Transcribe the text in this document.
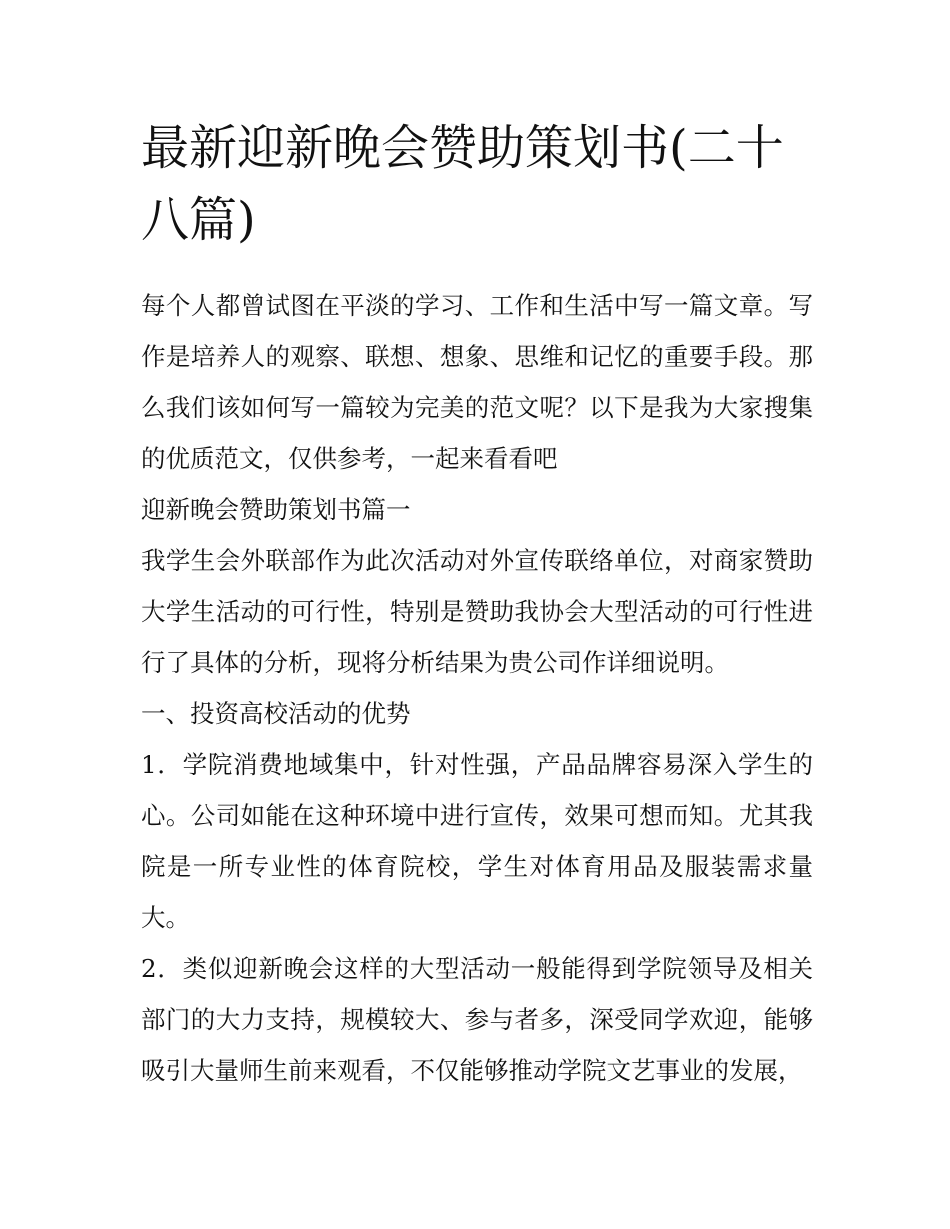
最新迎新晚会赞助策划书(二十八篇)

每个人都曾试图在平淡的学习、工作和生活中写一篇文章。写作是培养人的观察、联想、想象、思维和记忆的重要手段。那么我们该如何写一篇较为完美的范文呢？以下是我为大家搜集的优质范文，仅供参考，一起来看看吧

迎新晚会赞助策划书篇一

我学生会外联部作为此次活动对外宣传联络单位，对商家赞助大学生活动的可行性，特别是赞助我协会大型活动的可行性进行了具体的分析，现将分析结果为贵公司作详细说明。

一、投资高校活动的优势

1．学院消费地域集中，针对性强，产品品牌容易深入学生的心。公司如能在这种环境中进行宣传，效果可想而知。尤其我院是一所专业性的体育院校，学生对体育用品及服装需求量大。

2．类似迎新晚会这样的大型活动一般能得到学院领导及相关部门的大力支持，规模较大、参与者多，深受同学欢迎，能够吸引大量师生前来观看，不仅能够推动学院文艺事业的发展，
